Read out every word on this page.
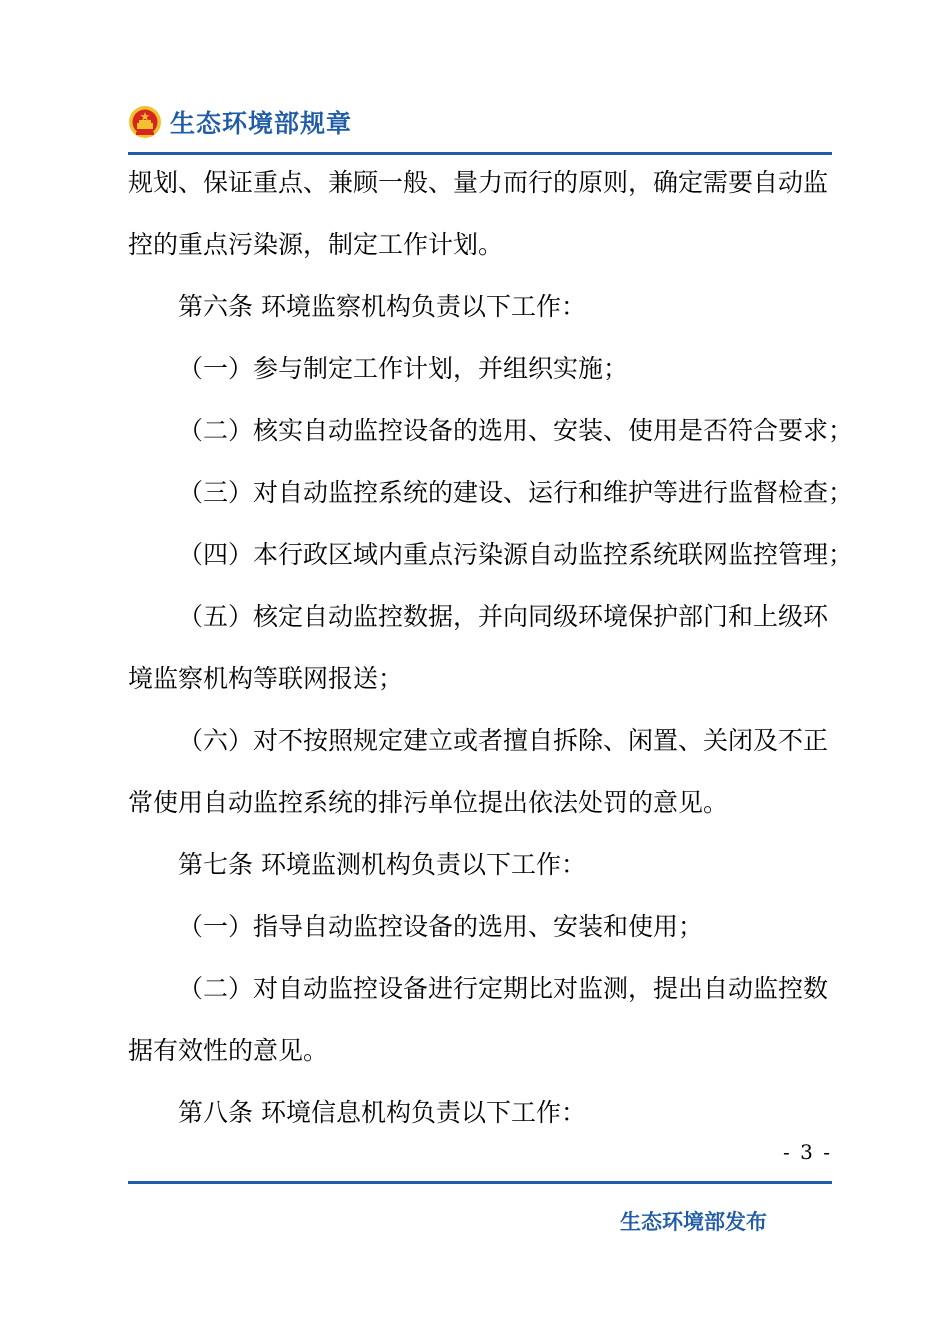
生态环境部规章
规划、保证重点、兼顾一般、量力而行的原则，确定需要自动监
控的重点污染源，制定工作计划。
第六条 环境监察机构负责以下工作：
（一）参与制定工作计划，并组织实施；
（二）核实自动监控设备的选用、安装、使用是否符合要求；
（三）对自动监控系统的建设、运行和维护等进行监督检查；
（四）本行政区域内重点污染源自动监控系统联网监控管理；
（五）核定自动监控数据，并向同级环境保护部门和上级环
境监察机构等联网报送；
（六）对不按照规定建立或者擅自拆除、闲置、关闭及不正
常使用自动监控系统的排污单位提出依法处罚的意见。
第七条 环境监测机构负责以下工作：
（一）指导自动监控设备的选用、安装和使用；
（二）对自动监控设备进行定期比对监测，提出自动监控数
据有效性的意见。
第八条 环境信息机构负责以下工作：
- 3 -
生态环境部发布
